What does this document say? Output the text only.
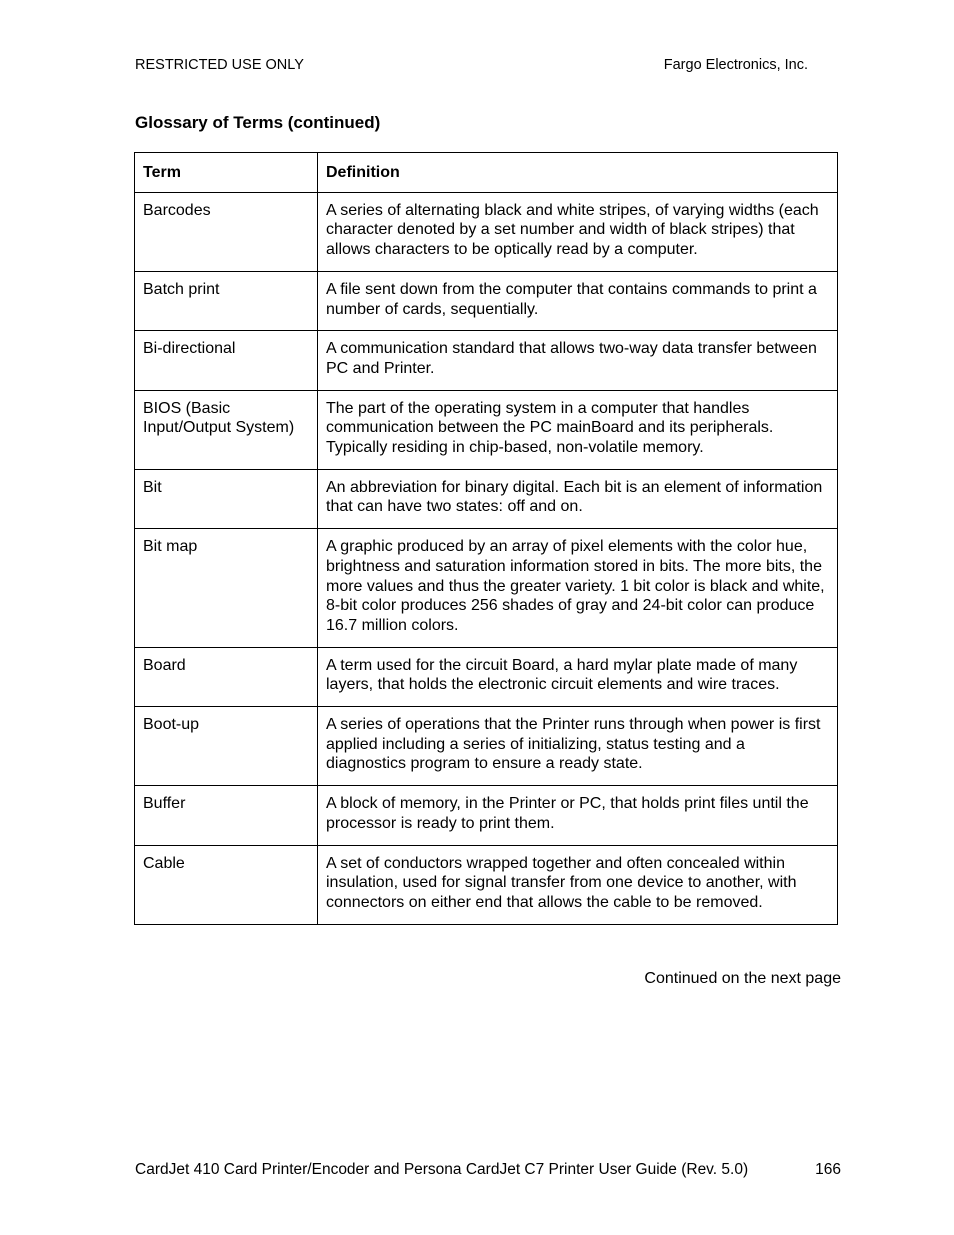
RESTRICTED USE ONLY	Fargo Electronics, Inc.
Glossary of Terms (continued)
Term	Definition
Barcodes	A series of alternating black and white stripes, of varying widths (each character denoted by a set number and width of black stripes) that allows characters to be optically read by a computer.
Batch print	A file sent down from the computer that contains commands to print a number of cards, sequentially.
Bi-directional	A communication standard that allows two-way data transfer between PC and Printer.
BIOS (Basic Input/Output System)	The part of the operating system in a computer that handles communication between the PC mainBoard and its peripherals. Typically residing in chip-based, non-volatile memory.
Bit	An abbreviation for binary digital. Each bit is an element of information that can have two states: off and on.
Bit map	A graphic produced by an array of pixel elements with the color hue, brightness and saturation information stored in bits. The more bits, the more values and thus the greater variety. 1 bit color is black and white, 8-bit color produces 256 shades of gray and 24-bit color can produce 16.7 million colors.
Board	A term used for the circuit Board, a hard mylar plate made of many layers, that holds the electronic circuit elements and wire traces.
Boot-up	A series of operations that the Printer runs through when power is first applied including a series of initializing, status testing and a diagnostics program to ensure a ready state.
Buffer	A block of memory, in the Printer or PC, that holds print files until the processor is ready to print them.
Cable	A set of conductors wrapped together and often concealed within insulation, used for signal transfer from one device to another, with connectors on either end that allows the cable to be removed.
Continued on the next page
CardJet 410 Card Printer/Encoder and Persona CardJet C7 Printer User Guide (Rev. 5.0)	166
